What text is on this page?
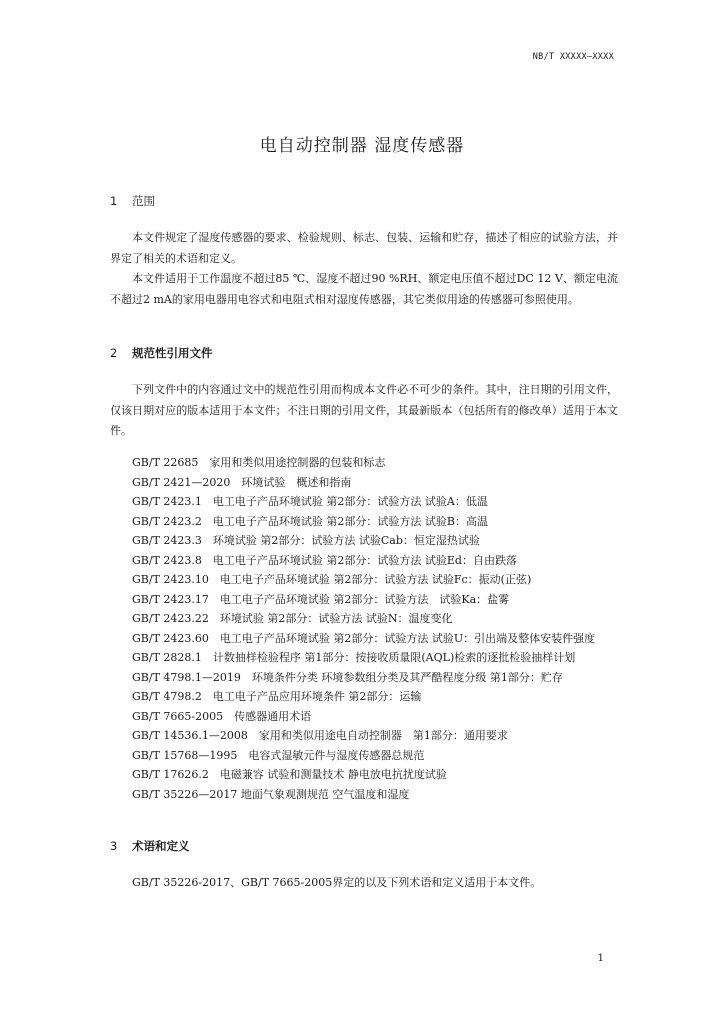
NB/T XXXXX—XXXX
电自动控制器 湿度传感器
1 范围

本文件规定了湿度传感器的要求、检验规则、标志、包装、运输和贮存，描述了相应的试验方法，并界定了相关的术语和定义。

本文件适用于工作温度不超过85 ℃、湿度不超过90 %RH、额定电压值不超过DC 12 V、额定电流不超过2 mA的家用电器用电容式和电阻式相对湿度传感器，其它类似用途的传感器可参照使用。

2 规范性引用文件

下列文件中的内容通过文中的规范性引用而构成本文件必不可少的条件。其中，注日期的引用文件，仅该日期对应的版本适用于本文件；不注日期的引用文件，其最新版本（包括所有的修改单）适用于本文件。

GB/T 22685　家用和类似用途控制器的包装和标志
GB/T 2421—2020　环境试验　概述和指南
GB/T 2423.1　电工电子产品环境试验 第2部分：试验方法 试验A：低温
GB/T 2423.2　电工电子产品环境试验 第2部分：试验方法 试验B：高温
GB/T 2423.3　环境试验 第2部分：试验方法 试验Cab：恒定湿热试验
GB/T 2423.8　电工电子产品环境试验 第2部分：试验方法 试验Ed：自由跌落
GB/T 2423.10　电工电子产品环境试验 第2部分：试验方法 试验Fc：振动(正弦)
GB/T 2423.17　电工电子产品环境试验 第2部分：试验方法　试验Ka：盐雾
GB/T 2423.22　环境试验 第2部分：试验方法 试验N：温度变化
GB/T 2423.60　电工电子产品环境试验 第2部分：试验方法 试验U：引出端及整体安装件强度
GB/T 2828.1　计数抽样检验程序 第1部分：按接收质量限(AQL)检索的逐批检验抽样计划
GB/T 4798.1—2019　环境条件分类 环境参数组分类及其严酷程度分级 第1部分：贮存
GB/T 4798.2　电工电子产品应用环境条件 第2部分：运输
GB/T 7665-2005　传感器通用术语
GB/T 14536.1—2008　家用和类似用途电自动控制器　第1部分：通用要求
GB/T 15768—1995　电容式湿敏元件与湿度传感器总规范
GB/T 17626.2　电磁兼容 试验和测量技术 静电放电抗扰度试验
GB/T 35226—2017 地面气象观测规范 空气温度和湿度
3 术语和定义

GB/T 35226-2017、GB/T 7665-2005界定的以及下列术语和定义适用于本文件。

1
